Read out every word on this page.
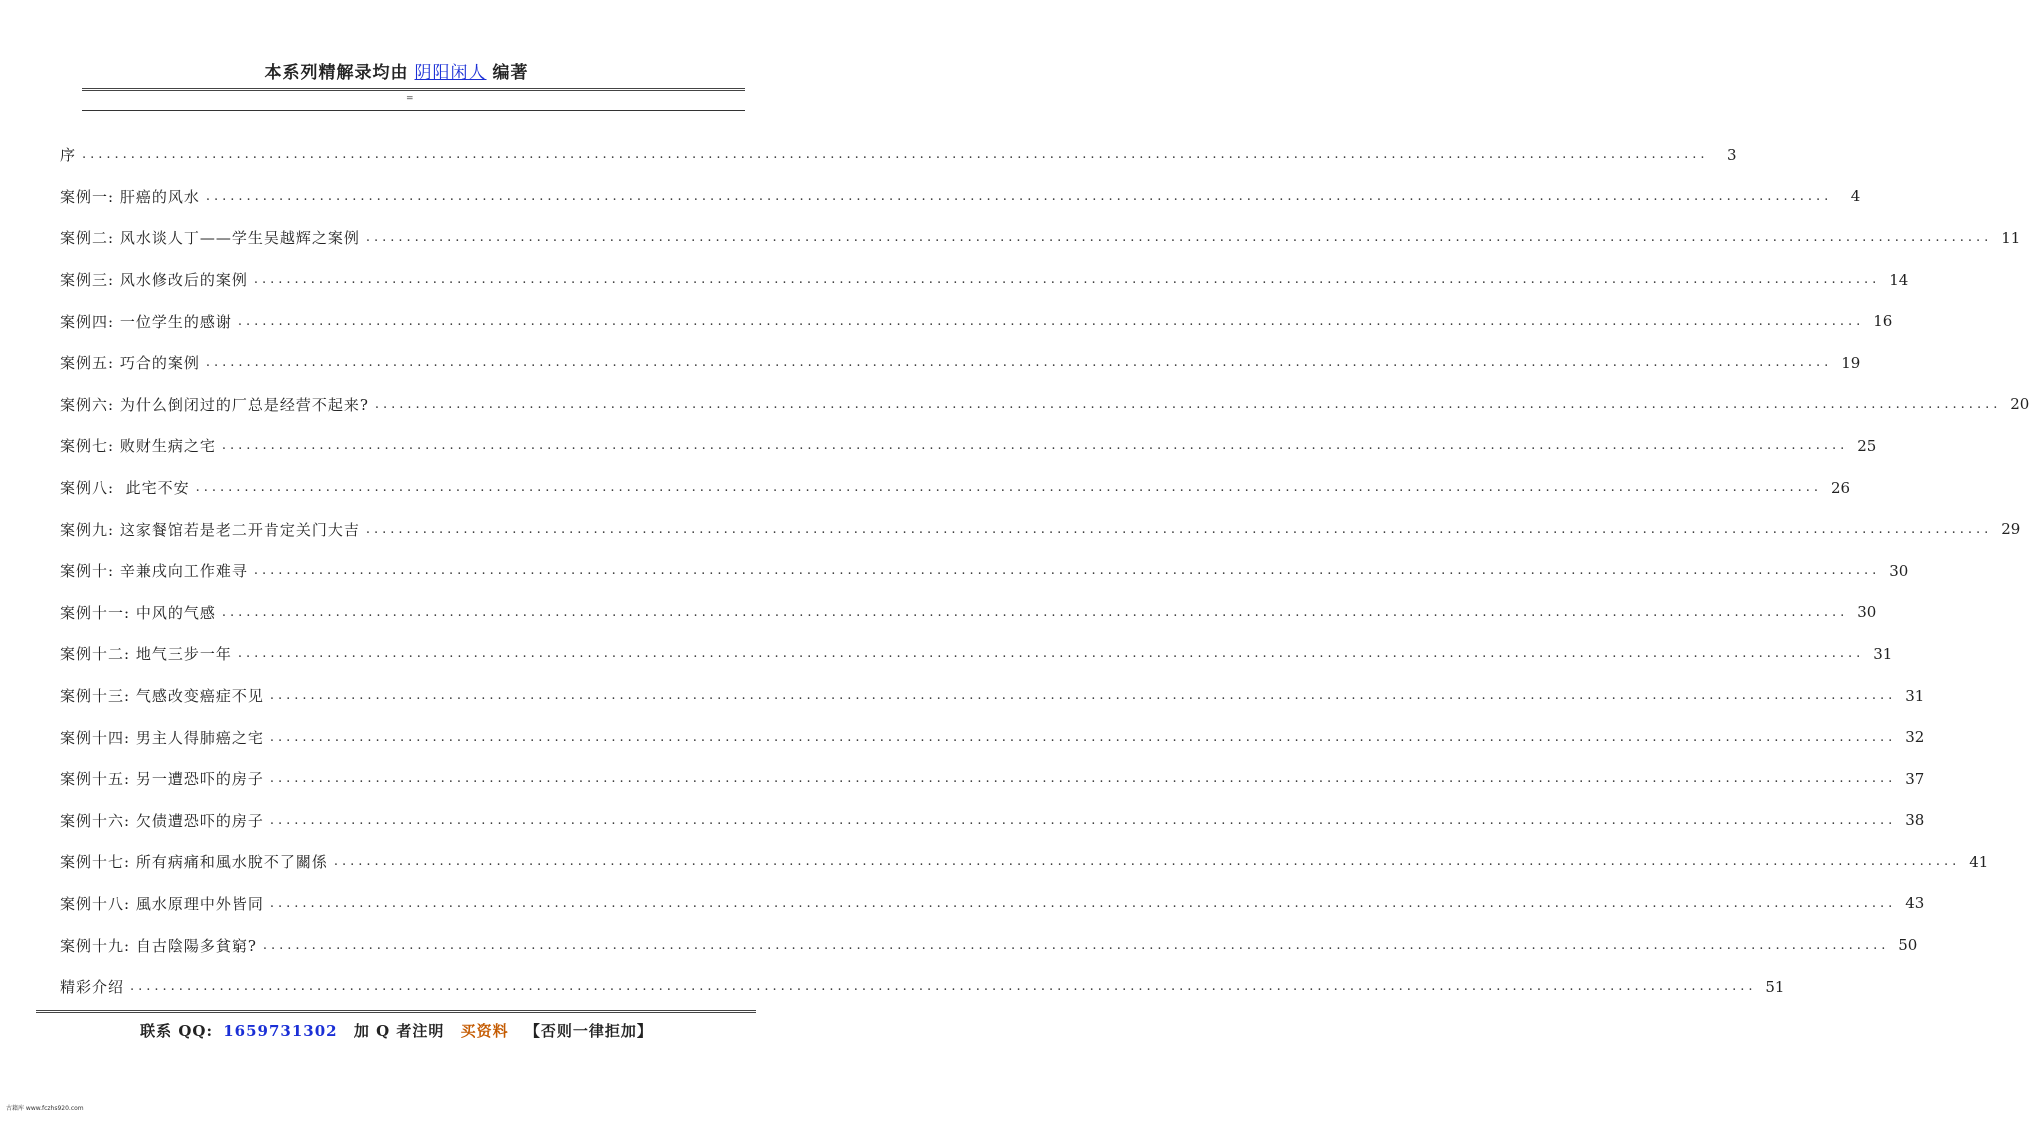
本系列精解录均由 阴阳闲人 编著
=
序 ........................................................................................................................................................................................................	3
案例一: 肝癌的风水 ........................................................................................................................................................................................................	4
案例二: 风水谈人丁——学生吴越辉之案例 ........................................................................................................................................................................................................ 11
案例三: 风水修改后的案例 ........................................................................................................................................................................................................ 14
案例四: 一位学生的感谢 ........................................................................................................................................................................................................ 16
案例五: 巧合的案例 ........................................................................................................................................................................................................ 19
案例六: 为什么倒闭过的厂总是经营不起来? ........................................................................................................................................................................................................ 20
案例七: 败财生病之宅 ........................................................................................................................................................................................................ 25
案例八:  此宅不安 ........................................................................................................................................................................................................ 26
案例九: 这家餐馆若是老二开肯定关门大吉 ........................................................................................................................................................................................................ 29
案例十: 辛兼戌向工作难寻 ........................................................................................................................................................................................................ 30
案例十一: 中风的气感 ........................................................................................................................................................................................................ 30
案例十二: 地气三步一年 ........................................................................................................................................................................................................ 31
案例十三: 气感改变癌症不见 ........................................................................................................................................................................................................ 31
案例十四: 男主人得肺癌之宅 ........................................................................................................................................................................................................ 32
案例十五: 另一遭恐吓的房子 ........................................................................................................................................................................................................ 37
案例十六: 欠债遭恐吓的房子 ........................................................................................................................................................................................................ 38
案例十七: 所有病痛和風水脫不了關係 ........................................................................................................................................................................................................ 41
案例十八: 風水原理中外皆同 ........................................................................................................................................................................................................ 43
案例十九: 自古陰陽多貧窮? ........................................................................................................................................................................................................ 50
精彩介绍 ........................................................................................................................................................................................................ 51
联系 QQ: 1659731302 加 Q 者注明 买资料 【否则一律拒加】
古籍库 www.fczhs920.com
